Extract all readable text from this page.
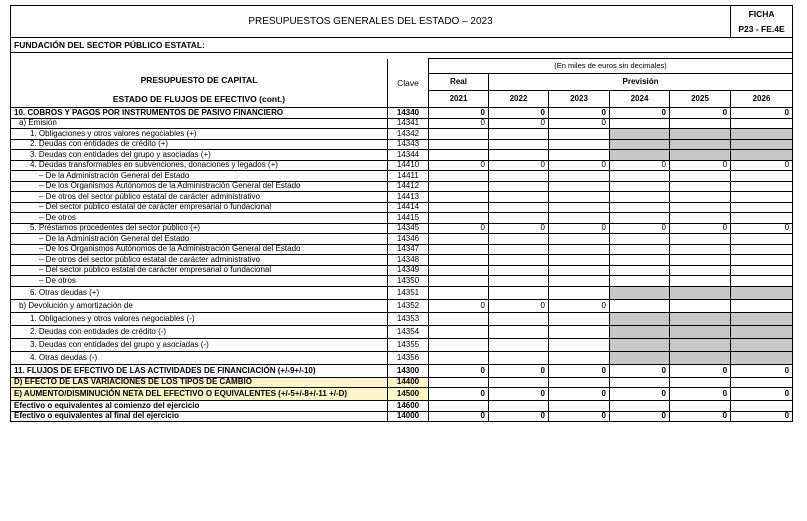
PRESUPUESTOS GENERALES DEL ESTADO – 2023							FICHA
P23 - FE.4E

FUNDACIÓN DEL SECTOR PÚBLICO ESTATAL:							

PRESUPUESTO DE CAPITAL
ESTADO DE FLUJOS DE EFECTIVO (cont.)	Clave	(En miles de euros sin decimales)					
		Real	Previsión				
		2021	2022	2023	2024	2025	2026
10. COBROS Y PAGOS POR INSTRUMENTOS DE PASIVO FINANCIERO	14340	0	0	0	0	0	0
a) Emisión	14341	0	0	0			
1. Obligaciones y otros valores negociables (+)	14342						
2. Deudas con entidades de crédito (+)	14343						
3. Deudas con entidades del grupo y asociadas (+)	14344						
4. Deudas transformables en subvenciones, donaciones y legados (+)	14410	0	0	0	0	0	0
– De la Administración General del Estado	14411						
– De los Organismos Autónomos de la Administración General del Estado	14412						
– De otros del sector público estatal de carácter administrativo	14413						
– Del sector público estatal de carácter empresarial o fundacional	14414						
– De otros	14415						
5. Préstamos procedentes del sector público (+)	14345	0	0	0	0	0	0
– De la Administración General del Estado	14346						
– De los Organismos Autónomos de la Administración General del Estado	14347						
– De otros del sector público estatal de carácter administrativo	14348						
– Del sector público estatal de carácter empresarial o fundacional	14349						
– De otros	14350						
6. Otras deudas (+)	14351						
b) Devolución y amortización de	14352	0	0	0			
1. Obligaciones y otros valores negociables (-)	14353						
2. Deudas con entidades de crédito (-)	14354						
3. Deudas con entidades del grupo y asociadas (-)	14355						
4. Otras deudas (-)	14356						
11. FLUJOS DE EFECTIVO DE LAS ACTIVIDADES DE FINANCIACIÓN (+/-9+/-10)	14300	0	0	0	0	0	0
D) EFECTO DE LAS VARIACIONES DE LOS TIPOS DE CAMBIO	14400						
E) AUMENTO/DISMINUCIÓN NETA DEL EFECTIVO O EQUIVALENTES (+/-5+/-8+/-11 +/-D)	14500	0	0	0	0	0	0
Efectivo o equivalentes al comienzo del ejercicio	14600						
Efectivo o equivalentes al final del ejercicio	14000	0	0	0	0	0	0
